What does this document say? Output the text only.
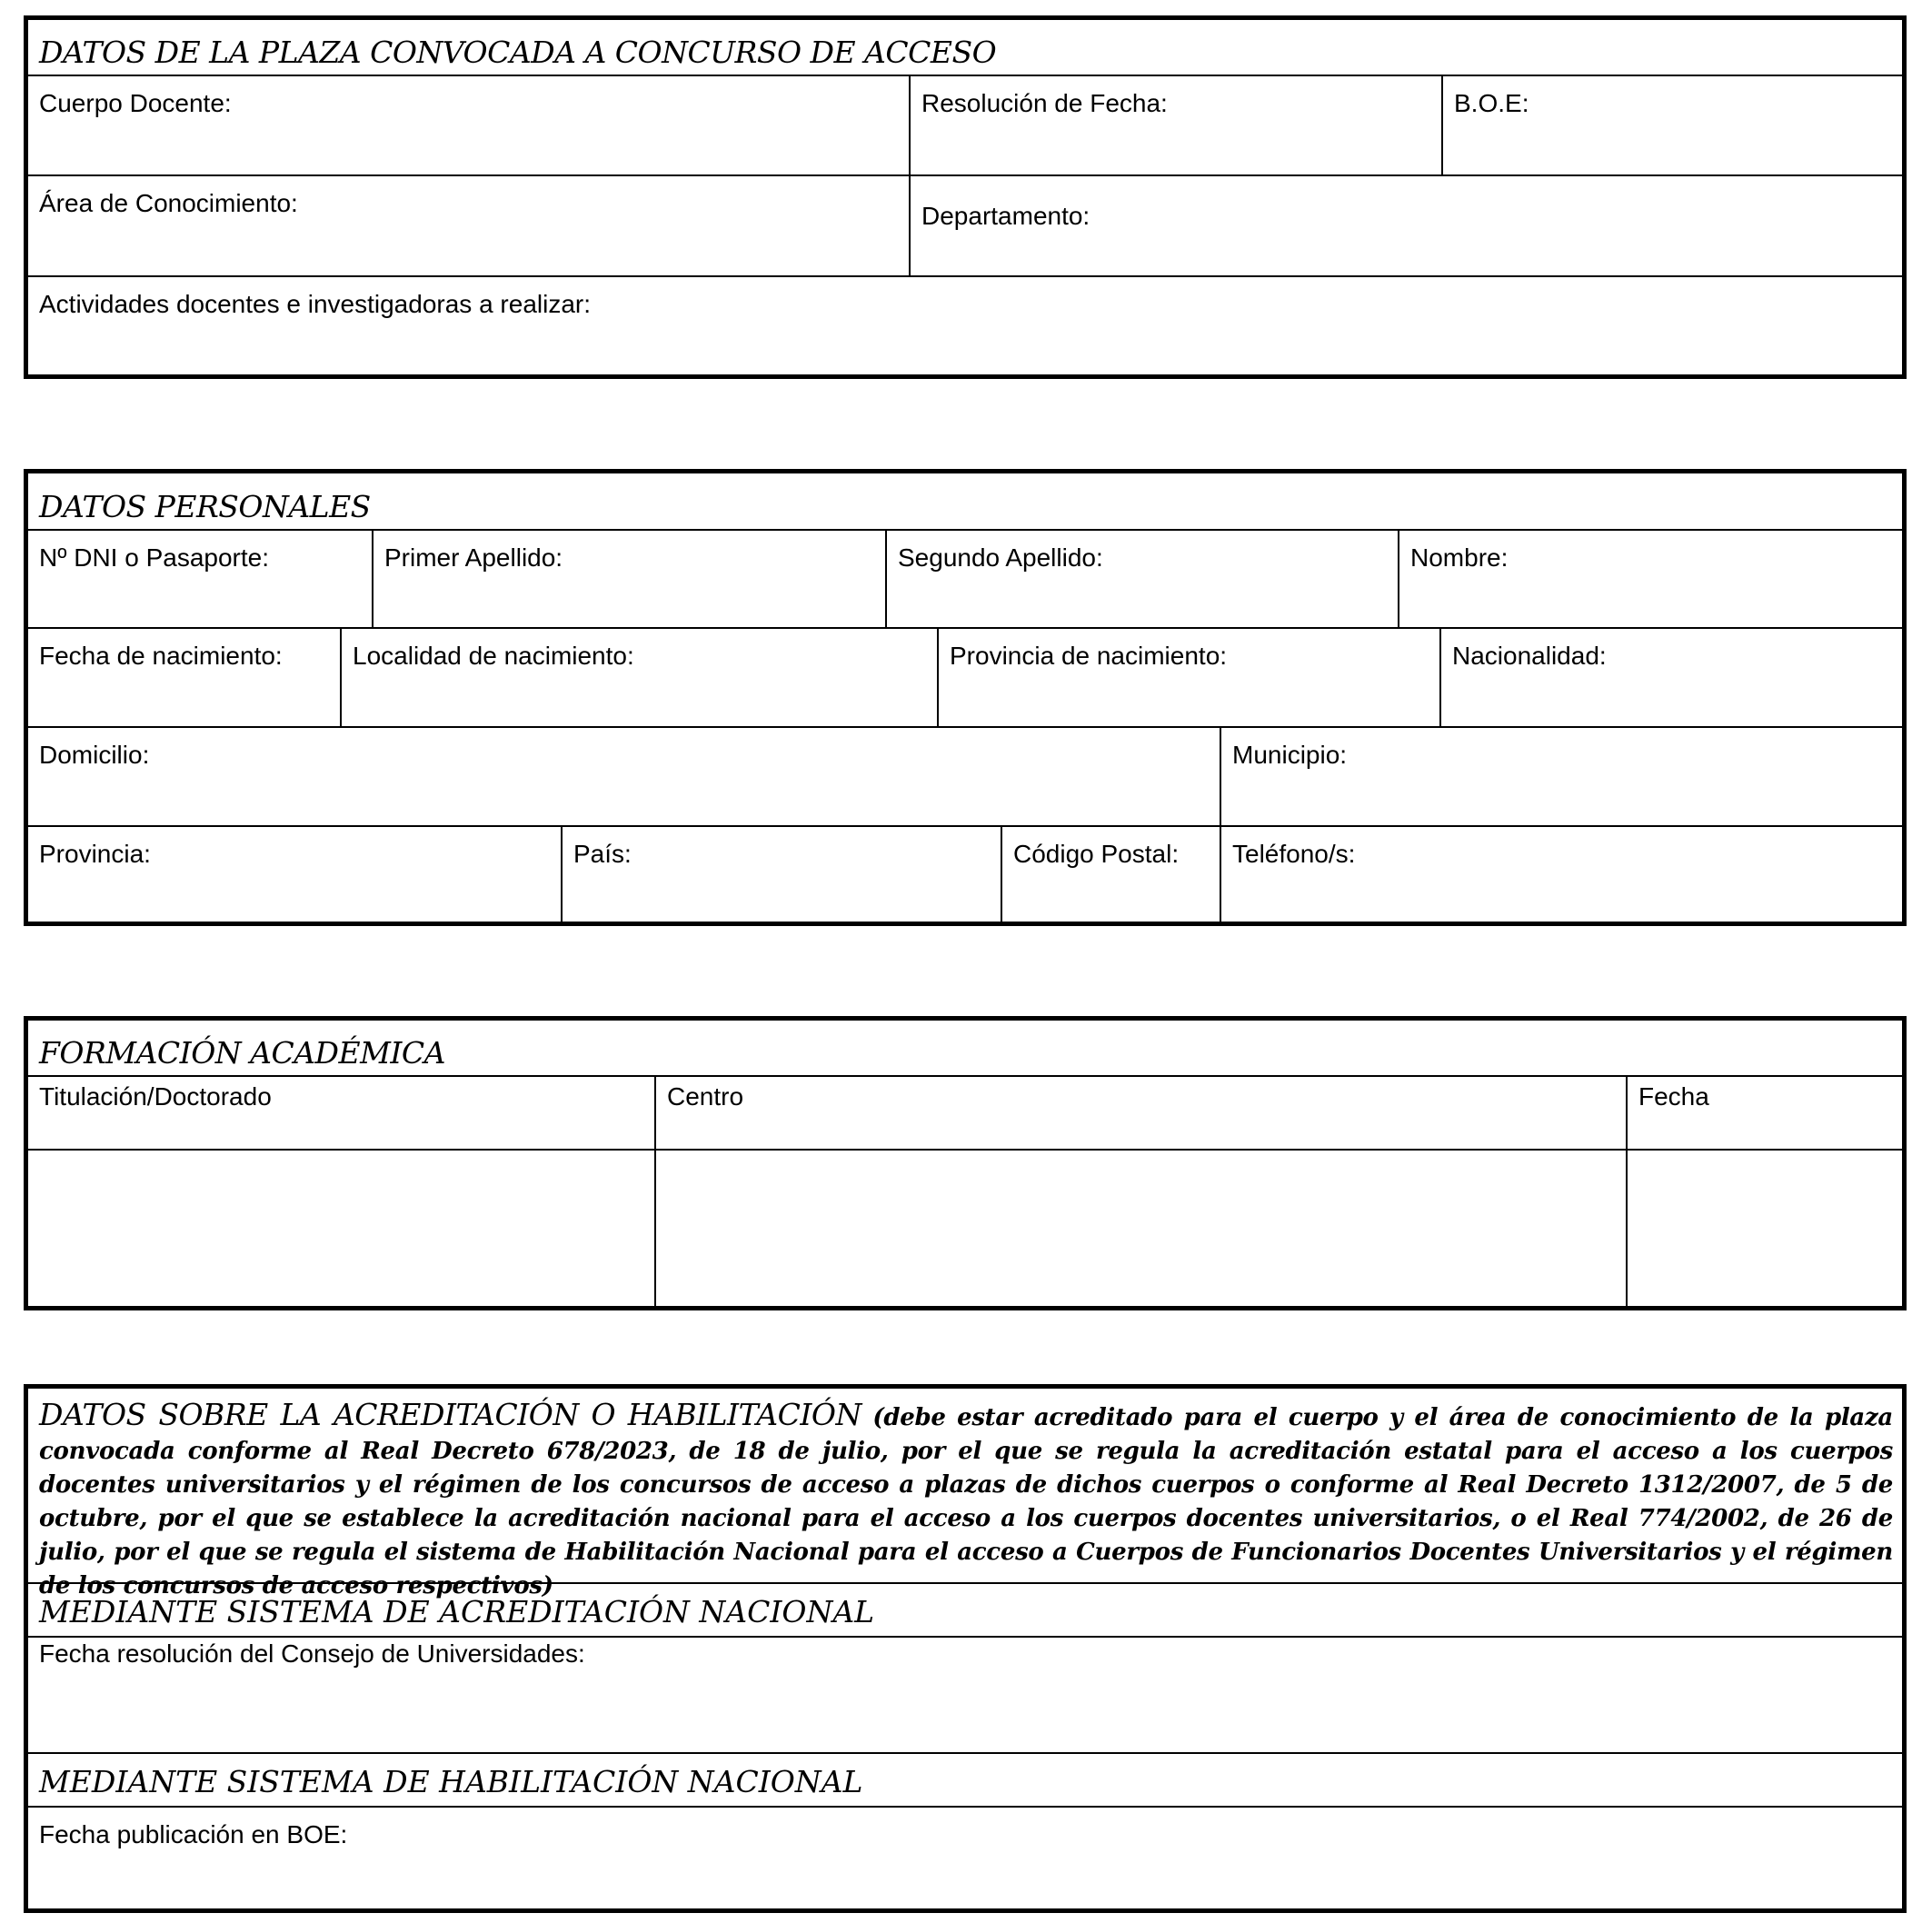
DATOS DE LA PLAZA CONVOCADA A CONCURSO DE ACCESO
Cuerpo Docente:	Resolución de Fecha:	B.O.E:
Área de Conocimiento:	Departamento:
Actividades docentes e investigadoras a realizar:
DATOS PERSONALES
Nº DNI o Pasaporte:	Primer Apellido:	Segundo Apellido:	Nombre:
Fecha de nacimiento:	Localidad de nacimiento:	Provincia de nacimiento:	Nacionalidad:
Domicilio:	Municipio:
Provincia:	País:	Código Postal:	Teléfono/s:
FORMACIÓN ACADÉMICA
Titulación/Doctorado	Centro	Fecha
DATOS SOBRE LA ACREDITACIÓN O HABILITACIÓN (debe estar acreditado para el cuerpo y el área de conocimiento de la plaza convocada conforme al Real Decreto 678/2023, de 18 de julio, por el que se regula la acreditación estatal para el acceso a los cuerpos docentes universitarios y el régimen de los concursos de acceso a plazas de dichos cuerpos o conforme al Real Decreto 1312/2007, de 5 de octubre, por el que se establece la acreditación nacional para el acceso a los cuerpos docentes universitarios, o el Real 774/2002, de 26 de julio, por el que se regula el sistema de Habilitación Nacional para el acceso a Cuerpos de Funcionarios Docentes Universitarios y el régimen de los concursos de acceso respectivos)
MEDIANTE SISTEMA DE ACREDITACIÓN NACIONAL
Fecha resolución del Consejo de Universidades:
MEDIANTE SISTEMA DE HABILITACIÓN NACIONAL
Fecha publicación en BOE:
